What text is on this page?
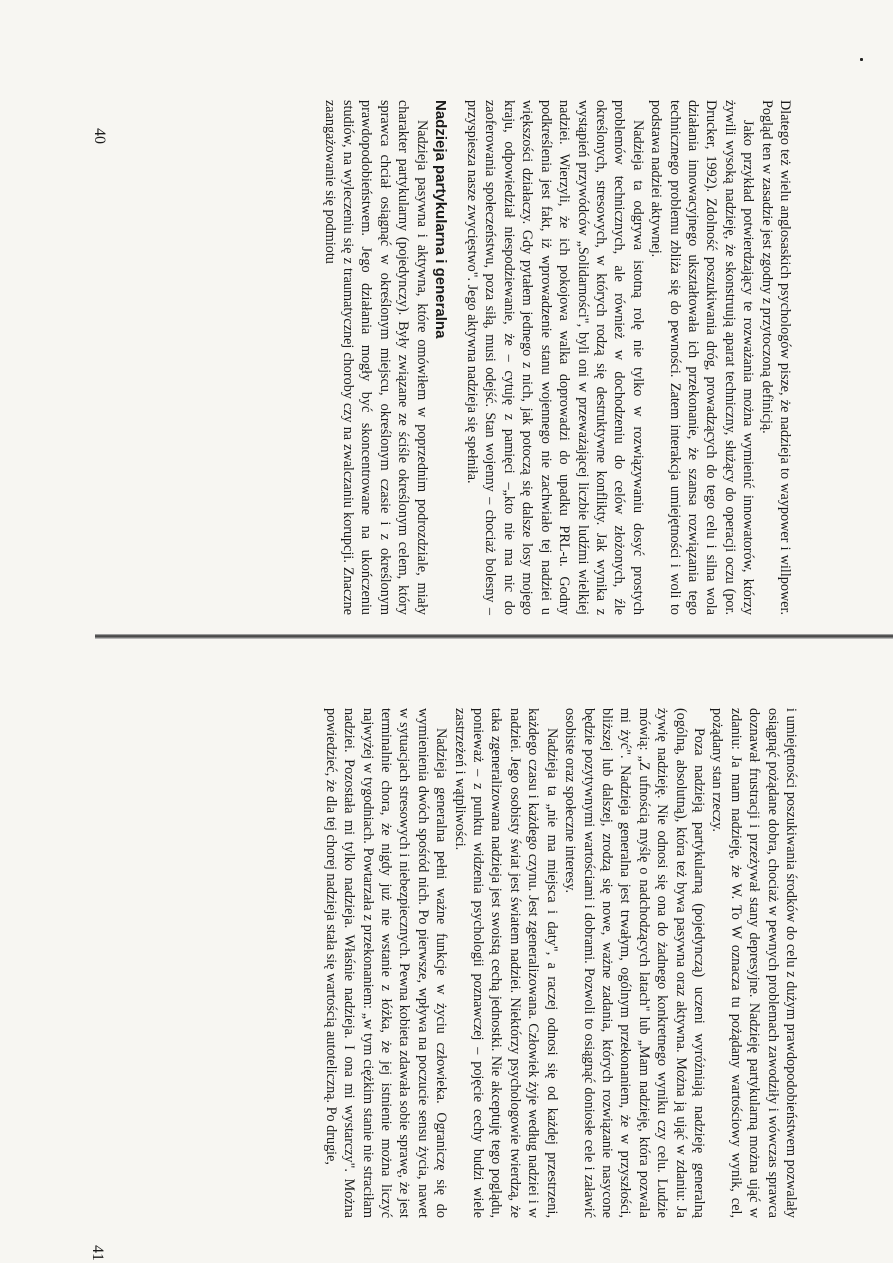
Dlatego też wielu anglosaskich psychologów pisze, że nadzieja to waypower i willpower. Pogląd ten w zasadzie jest zgodny z przytoczoną definicją.

Jako przykład potwierdzający te rozważania można wymienić innowatorów, którzy żywili wysoką nadzieję, że skonstruują aparat techniczny, służący do operacji oczu (por. Drucker, 1992). Zdolność poszukiwania dróg, prowadzących do tego celu i silna wola działania innowacyjnego ukształtowała ich przekonanie, że szansa rozwiązania tego technicznego problemu zbliża się do pewności. Zatem interakcja umiejętności i woli to podstawa nadziei aktywnej.

Nadzieja ta odgrywa istotną rolę nie tylko w rozwiązywaniu dosyć prostych problemów technicznych, ale również w dochodzeniu do celów złożonych, źle określonych, stresowych, w których rodzą się destruktywne konflikty. Jak wynika z wystąpień przywódców „Solidarności", byli oni w przeważającej liczbie ludźmi wielkiej nadziei. Wierzyli, że ich pokojowa walka doprowadzi do upadku PRL-u. Godny podkreślenia jest fakt, iż wprowadzenie stanu wojennego nie zachwiało tej nadziei u większości działaczy. Gdy pytałem jednego z nich, jak potoczą się dalsze losy mojego kraju, odpowiedział niespodziewanie, że – cytuję z pamięci –„kto nie ma nic do zaoferowania społeczeństwu, poza siłą, musi odejść. Stan wojenny – chociaż bolesny – przyspiesza nasze zwycięstwo". Jego aktywna nadzieja się spełniła.

Nadzieja partykularna i generalna

Nadzieja pasywna i aktywna, które omówiłem w poprzednim podrozdziale, miały charakter partykularny (pojedynczy). Były związane ze ściśle określonym celem, który sprawca chciał osiągnąć w określonym miejscu, określonym czasie i z określonym prawdopodobieństwem. Jego działania mogły być skoncentrowane na ukończeniu studiów, na wyleczeniu się z traumatycznej choroby czy na zwalczaniu korupcji. Znaczne zaangażowanie się podmiotu

40

i umiejętności poszukiwania środków do celu z dużym prawdopodobieństwem pozwalały osiągnąć pożądane dobra, chociaż w pewnych problemach zawodziły i wówczas sprawca doznawał frustracji i przeżywał stany depresyjne. Nadzieję partykularną można ująć w zdaniu: Ja mam nadzieję, że W. To W oznacza tu pożądany wartościowy wynik, cel, pożądany stan rzeczy.

Poza nadzieją partykularną (pojedynczą) uczeni wyróżniają nadzieję generalną (ogólną, absolutną), która też bywa pasywna oraz aktywna. Można ją ująć w zdaniu: Ja żywię nadzieję. Nie odnosi się ona do żadnego konkretnego wyniku czy celu. Ludzie mówią: „Z ufnością myślę o nadchodzących latach" lub „Mam nadzieję, która pozwala mi żyć". Nadzieja generalna jest trwałym, ogólnym przekonaniem, że w przyszłości, bliższej lub dalszej, zrodzą się nowe, ważne zadania, których rozwiązanie nasycone będzie pozytywnymi wartościami i dobrami. Pozwoli to osiągnąć doniosłe cele i załawić osobiste oraz społeczne interesy.

Nadzieja ta „nie ma miejsca i daty", a raczej odnosi się od każdej przestrzeni, każdego czasu i każdego czynu. Jest zgeneralizowana. Człowiek żyje według nadziei i w nadziei. Jego osobisty świat jest światem nadziei. Niektórzy psychologowie twierdzą, że taka zgeneralizowana nadzieja jest swoistą cechą jednostki. Nie akceptuję tego poglądu, ponieważ – z punktu widzenia psychologii poznawczej – pojęcie cechy budzi wiele zastrzeżeń i wątpliwości.

Nadzieja generalna pełni ważne funkcje w życiu człowieka. Ograniczę się do wymienienia dwóch spośród nich. Po pierwsze, wpływa na poczucie sensu życia, nawet w sytuacjach stresowych i niebezpiecznych. Pewna kobieta zdawała sobie sprawę, że jest terminalnie chora, że nigdy już nie wstanie z łóżka, że jej istnienie można liczyć najwyżej w tygodniach. Powtarzała z przekonaniem: „w tym ciężkim stanie nie straciłam nadziei. Pozostała mi tylko nadzieja. Właśnie nadzieja. I ona mi wystarczy". Można powiedzieć, że dla tej chorej nadzieja stała się wartością autoteliczną. Po drugie,

41
